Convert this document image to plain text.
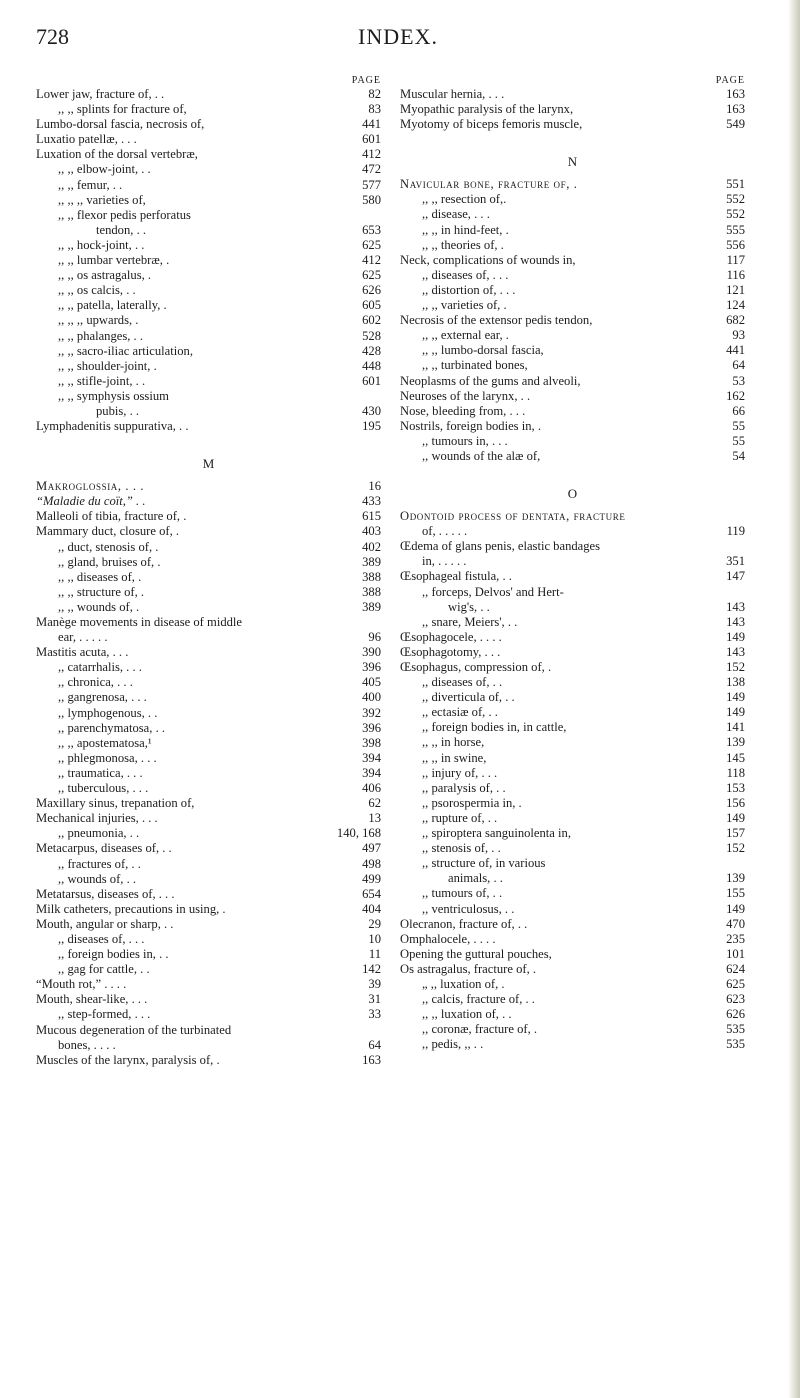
728	INDEX.
PAGE
Lower jaw, fracture of, . .	82
,, ,, splints for fracture of,	83
Lumbo-dorsal fascia, necrosis of,	441
Luxatio patellæ, . . .	601
Luxation of the dorsal vertebræ,	412
,, ,, elbow-joint, . .	472
,, ,, femur, . .	577
,, ,, ,, varieties of,	580
,, ,, flexor pedis perforatus
tendon, . .	653
,, ,, hock-joint, . .	625
,, ,, lumbar vertebræ, .	412
,, ,, os astragalus, .	625
,, ,, os calcis, . .	626
,, ,, patella, laterally, .	605
,, ,, ,, upwards, .	602
,, ,, phalanges, . .	528
,, ,, sacro-iliac articulation,	428
,, ,, shoulder-joint, .	448
,, ,, stifle-joint, . .	601
,, ,, symphysis ossium
pubis, . .	430
Lymphadenitis suppurativa, . .	195
M
Makroglossia, . . .	16
“Maladie du coït,” . .	433
Malleoli of tibia, fracture of, .	615
Mammary duct, closure of, .	403
,, duct, stenosis of, .	402
,, gland, bruises of, .	389
,, ,, diseases of, .	388
,, ,, structure of, .	388
,, ,, wounds of, .	389
Manège movements in disease of middle
ear, . . . . .	96
Mastitis acuta, . . .	390
,, catarrhalis, . . .	396
,, chronica, . . .	405
,, gangrenosa, . . .	400
,, lymphogenous, . .	392
,, parenchymatosa, . .	396
,, ,, apostematosa,¹	398
,, phlegmonosa, . . .	394
,, traumatica, . . .	394
,, tuberculous, . . .	406
Maxillary sinus, trepanation of,	62
Mechanical injuries, . . .	13
,, pneumonia, . .	140, 168
Metacarpus, diseases of, . .	497
,, fractures of, . .	498
,, wounds of, . .	499
Metatarsus, diseases of, . . .	654
Milk catheters, precautions in using, .	404
Mouth, angular or sharp, . .	29
,, diseases of, . . .	10
,, foreign bodies in, . .	11
,, gag for cattle, . .	142
“Mouth rot,” . . . .	39
Mouth, shear-like, . . .	31
,, step-formed, . . .	33
Mucous degeneration of the turbinated
bones, . . . .	64
Muscles of the larynx, paralysis of, .	163
PAGE
Muscular hernia, . . .	163
Myopathic paralysis of the larynx,	163
Myotomy of biceps femoris muscle,	549
N
Navicular bone, fracture of, .	551
,, ,, resection of,.	552
,, disease, . . .	552
,, ,, in hind-feet, .	555
,, ,, theories of, .	556
Neck, complications of wounds in,	117
,, diseases of, . . .	116
,, distortion of, . . .	121
,, ,, varieties of, .	124
Necrosis of the extensor pedis tendon,	682
,, ,, external ear, .	93
,, ,, lumbo-dorsal fascia,	441
,, ,, turbinated bones,	64
Neoplasms of the gums and alveoli,	53
Neuroses of the larynx, . .	162
Nose, bleeding from, . . .	66
Nostrils, foreign bodies in, .	55
,, tumours in, . . .	55
,, wounds of the alæ of,	54
O
Odontoid process of dentata, fracture
of, . . . . .	119
Œdema of glans penis, elastic bandages
in, . . . . .	351
Œsophageal fistula, . .	147
,, forceps, Delvos' and Hert-
wig's, . .	143
,, snare, Meiers', . .	143
Œsophagocele, . . . .	149
Œsophagotomy, . . .	143
Œsophagus, compression of, .	152
,, diseases of, . .	138
,, diverticula of, . .	149
,, ectasiæ of, . .	149
,, foreign bodies in, in cattle,	141
,, ,, in horse,	139
,, ,, in swine,	145
,, injury of, . . .	118
,, paralysis of, . .	153
,, psorospermia in, .	156
,, rupture of, . .	149
,, spiroptera sanguinolenta in,	157
,, stenosis of, . .	152
,, structure of, in various
animals, . .	139
,, tumours of, . .	155
,, ventriculosus, . .	149
Olecranon, fracture of, . .	470
Omphalocele, . . . .	235
Opening the guttural pouches,	101
Os astragalus, fracture of, .	624
„ ,, luxation of, .	625
,, calcis, fracture of, . .	623
,, ,, luxation of, . .	626
,, coronæ, fracture of, .	535
,, pedis, ,, . .	535
